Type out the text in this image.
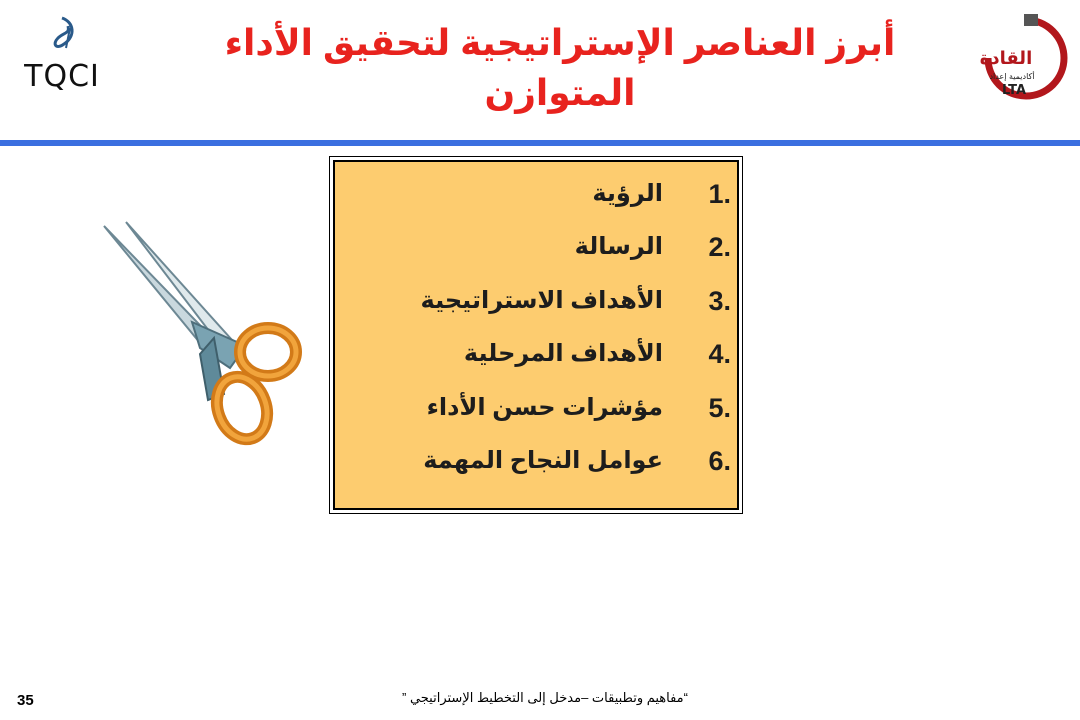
القادة
أكاديمية إعداد
LTA
TQCI
أبرز العناصر الإستراتيجية لتحقيق الأداء
المتوازن
1.
الرؤية
2.
الرسالة
3.
الأهداف الاستراتيجية
4.
الأهداف المرحلية
5.
مؤشرات حسن الأداء
6.
عوامل النجاح المهمة
“مفاهيم وتطبيقات –مدخل إلى التخطيط الإستراتيجي ”
35
